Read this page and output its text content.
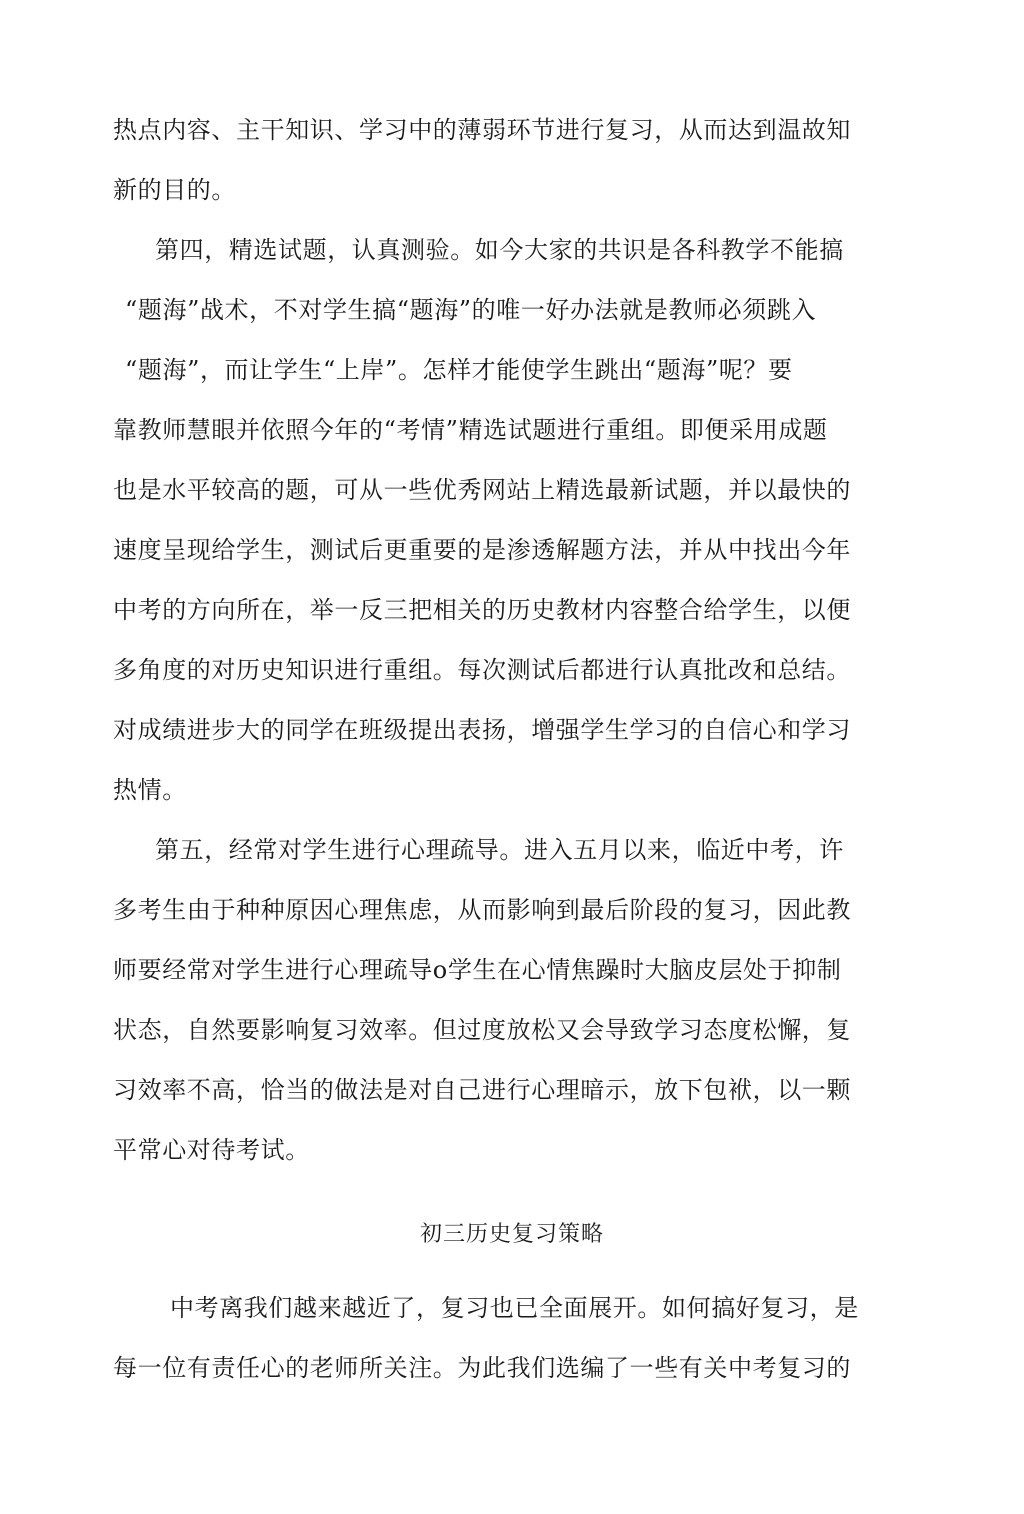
热点内容、主干知识、学习中的薄弱环节进行复习，从而达到温故知
新的目的。
第四，精选试题，认真测验。如今大家的共识是各科教学不能搞
“题海”战术，不对学生搞“题海”的唯一好办法就是教师必须跳入
“题海”，而让学生“上岸”。怎样才能使学生跳出“题海”呢？要
靠教师慧眼并依照今年的“考情”精选试题进行重组。即便采用成题
也是水平较高的题，可从一些优秀网站上精选最新试题，并以最快的
速度呈现给学生，测试后更重要的是渗透解题方法，并从中找出今年
中考的方向所在，举一反三把相关的历史教材内容整合给学生，以便
多角度的对历史知识进行重组。每次测试后都进行认真批改和总结。
对成绩进步大的同学在班级提出表扬，增强学生学习的自信心和学习
热情。
第五，经常对学生进行心理疏导。进入五月以来，临近中考，许
多考生由于种种原因心理焦虑，从而影响到最后阶段的复习，因此教
师要经常对学生进行心理疏导o学生在心情焦躁时大脑皮层处于抑制
状态，自然要影响复习效率。但过度放松又会导致学习态度松懈，复
习效率不高，恰当的做法是对自己进行心理暗示，放下包袱，以一颗
平常心对待考试。
初三历史复习策略
中考离我们越来越近了，复习也已全面展开。如何搞好复习，是
每一位有责任心的老师所关注。为此我们选编了一些有关中考复习的
